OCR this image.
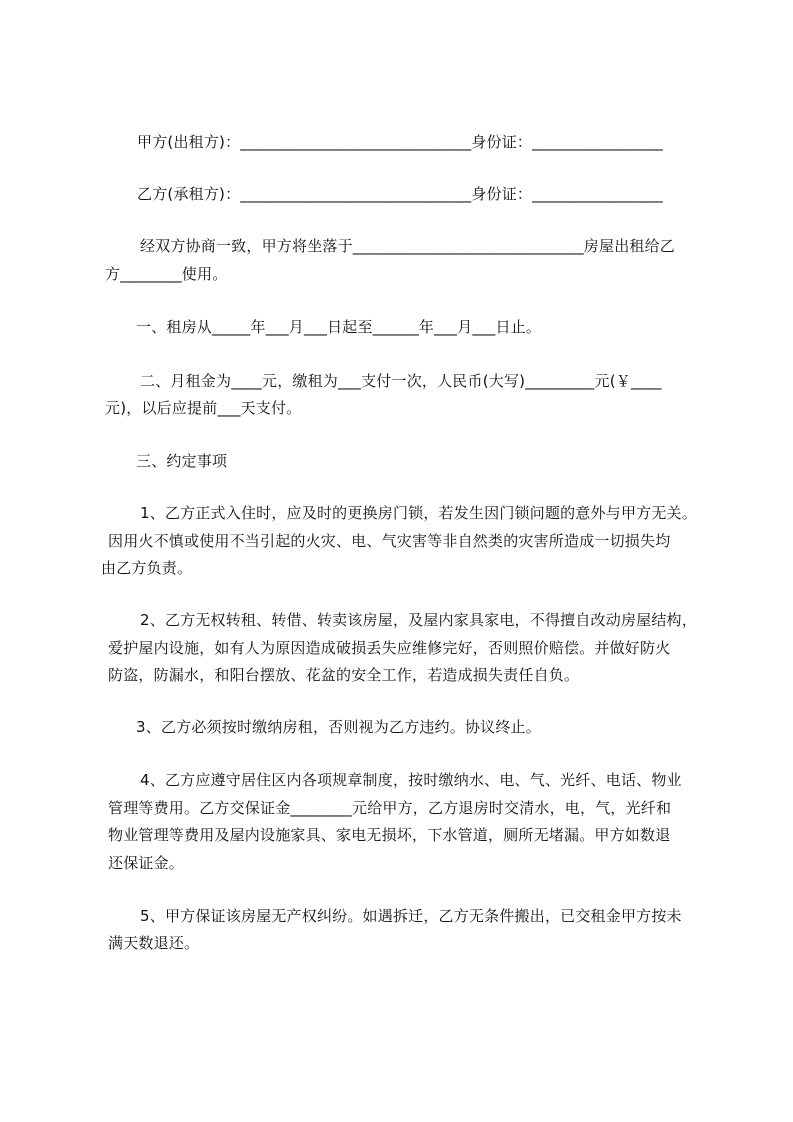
甲方(出租方)：______________________________身份证：_________________
乙方(承租方)：______________________________身份证：_________________
经双方协商一致，甲方将坐落于______________________________房屋出租给乙
方________使用。
一、租房从_____年___月___日起至______年___月___日止。
二、月租金为____元，缴租为___支付一次，人民币(大写)_________元(￥____
元)，以后应提前___天支付。
三、约定事项
1、乙方正式入住时，应及时的更换房门锁，若发生因门锁问题的意外与甲方无关。
因用火不慎或使用不当引起的火灾、电、气灾害等非自然类的灾害所造成一切损失均
由乙方负责。
2、乙方无权转租、转借、转卖该房屋，及屋内家具家电，不得擅自改动房屋结构，
爱护屋内设施，如有人为原因造成破损丢失应维修完好，否则照价赔偿。并做好防火
防盗，防漏水，和阳台摆放、花盆的安全工作，若造成损失责任自负。
3、乙方必须按时缴纳房租，否则视为乙方违约。协议终止。
4、乙方应遵守居住区内各项规章制度，按时缴纳水、电、气、光纤、电话、物业
管理等费用。乙方交保证金________元给甲方，乙方退房时交清水，电，气，光纤和
物业管理等费用及屋内设施家具、家电无损坏，下水管道，厕所无堵漏。甲方如数退
还保证金。
5、甲方保证该房屋无产权纠纷。如遇拆迁，乙方无条件搬出，已交租金甲方按未
满天数退还。
